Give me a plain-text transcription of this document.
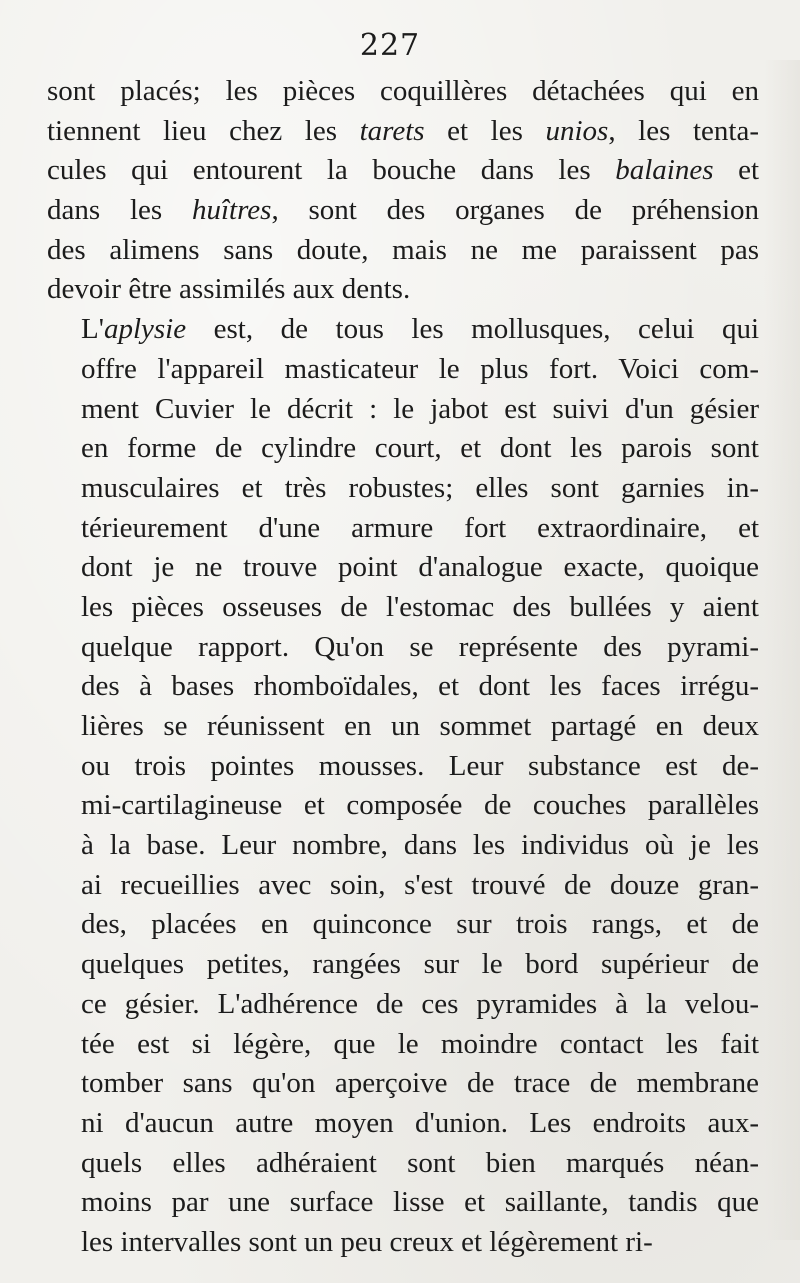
227
sont placés; les pièces coquillères détachées qui en
tiennent lieu chez les tarets et les unios, les tenta-
cules qui entourent la bouche dans les balaines et
dans les huîtres, sont des organes de préhension
des alimens sans doute, mais ne me paraissent pas
devoir être assimilés aux dents.
L'aplysie est, de tous les mollusques, celui qui
offre l'appareil masticateur le plus fort. Voici com-
ment Cuvier le décrit : le jabot est suivi d'un gésier
en forme de cylindre court, et dont les parois sont
musculaires et très robustes; elles sont garnies in-
térieurement d'une armure fort extraordinaire, et
dont je ne trouve point d'analogue exacte, quoique
les pièces osseuses de l'estomac des bullées y aient
quelque rapport. Qu'on se représente des pyrami-
des à bases rhomboïdales, et dont les faces irrégu-
lières se réunissent en un sommet partagé en deux
ou trois pointes mousses. Leur substance est de-
mi-cartilagineuse et composée de couches parallèles
à la base. Leur nombre, dans les individus où je les
ai recueillies avec soin, s'est trouvé de douze gran-
des, placées en quinconce sur trois rangs, et de
quelques petites, rangées sur le bord supérieur de
ce gésier. L'adhérence de ces pyramides à la velou-
tée est si légère, que le moindre contact les fait
tomber sans qu'on aperçoive de trace de membrane
ni d'aucun autre moyen d'union. Les endroits aux-
quels elles adhéraient sont bien marqués néan-
moins par une surface lisse et saillante, tandis que
les intervalles sont un peu creux et légèrement ri-
